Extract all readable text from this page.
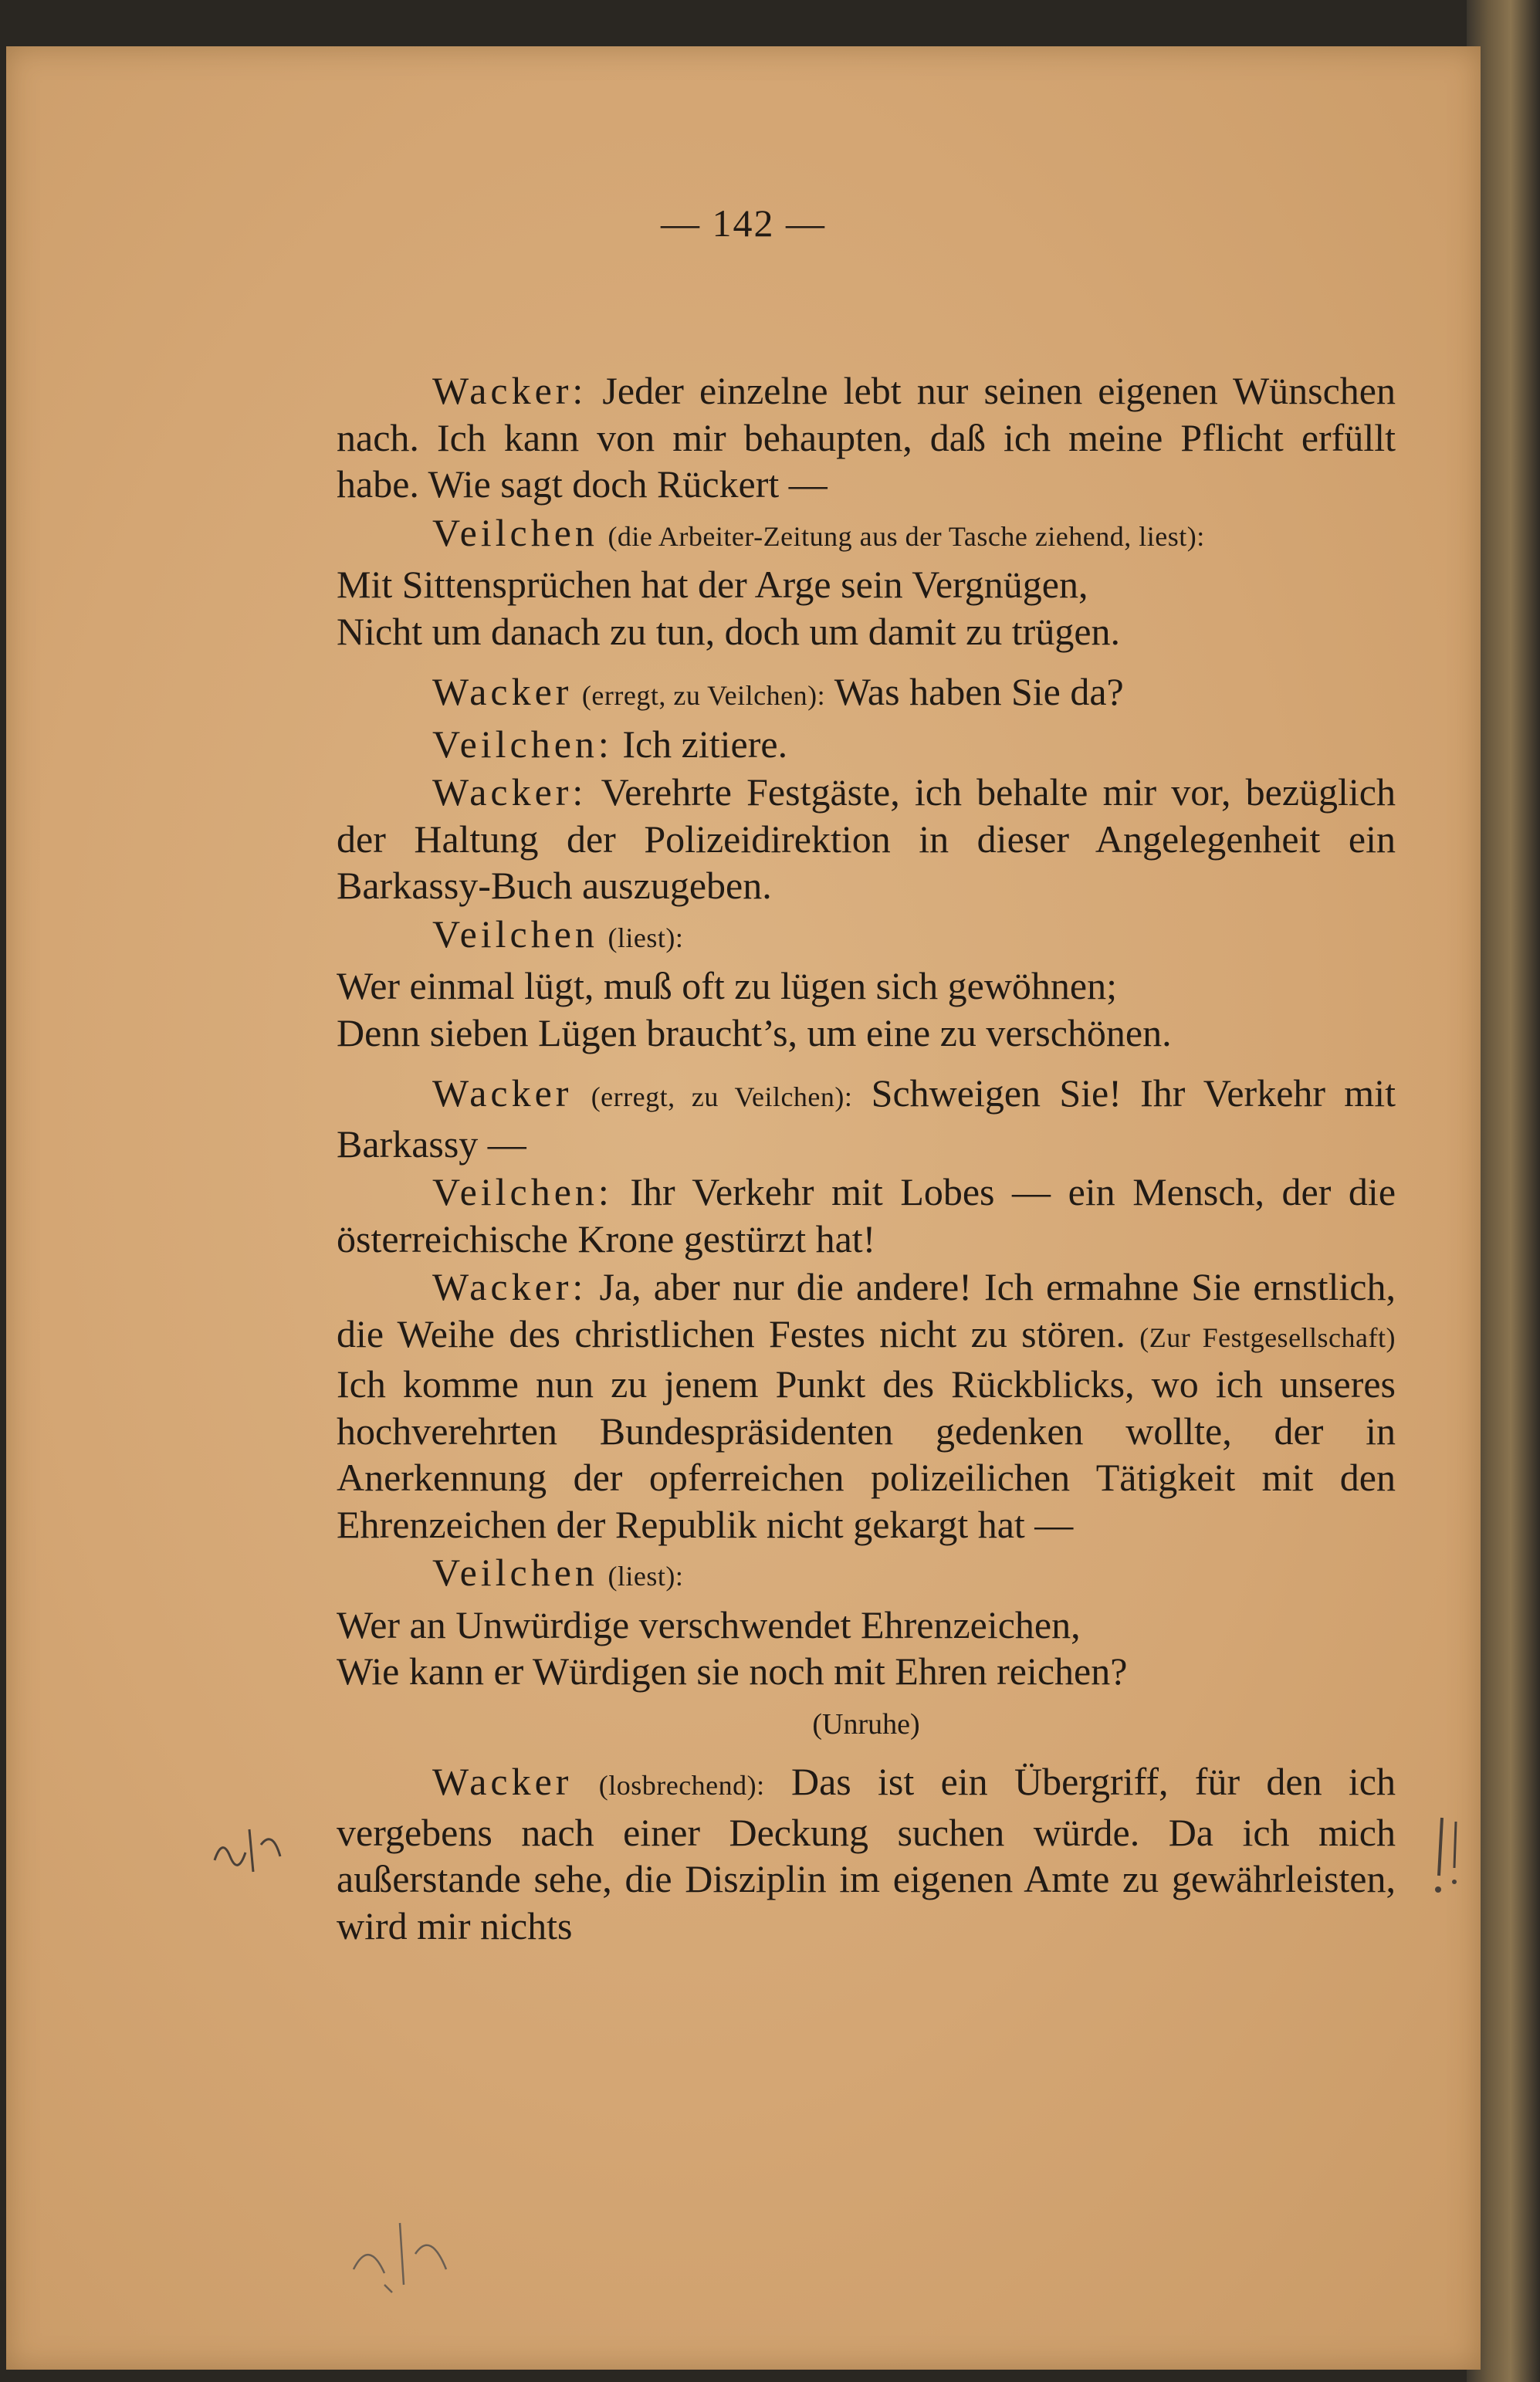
— 142 —

Wacker: Jeder einzelne lebt nur seinen eigenen Wünschen nach. Ich kann von mir behaupten, daß ich meine Pflicht erfüllt habe. Wie sagt doch Rückert —

Veilchen (die Arbeiter-Zeitung aus der Tasche ziehend, liest):

Mit Sittensprüchen hat der Arge sein Vergnügen,

Nicht um danach zu tun, doch um damit zu trügen.

Wacker (erregt, zu Veilchen): Was haben Sie da?

Veilchen: Ich zitiere.

Wacker: Verehrte Festgäste, ich behalte mir vor, bezüglich der Haltung der Polizeidirektion in dieser Angelegenheit ein Barkassy-Buch auszugeben.

Veilchen (liest):

Wer einmal lügt, muß oft zu lügen sich gewöhnen;

Denn sieben Lügen braucht’s, um eine zu verschönen.

Wacker (erregt, zu Veilchen): Schweigen Sie! Ihr Verkehr mit Barkassy —

Veilchen: Ihr Verkehr mit Lobes — ein Mensch, der die österreichische Krone gestürzt hat!

Wacker: Ja, aber nur die andere! Ich ermahne Sie ernstlich, die Weihe des christlichen Festes nicht zu stören. (Zur Festgesellschaft) Ich komme nun zu jenem Punkt des Rückblicks, wo ich unseres hochverehrten Bundespräsidenten gedenken wollte, der in Anerkennung der opferreichen polizeilichen Tätigkeit mit den Ehrenzeichen der Republik nicht gekargt hat —

Veilchen (liest):

Wer an Unwürdige verschwendet Ehrenzeichen,

Wie kann er Würdigen sie noch mit Ehren reichen?

(Unruhe)

Wacker (losbrechend): Das ist ein Übergriff, für den ich vergebens nach einer Deckung suchen würde. Da ich mich außerstande sehe, die Disziplin im eigenen Amte zu gewährleisten, wird mir nichts
